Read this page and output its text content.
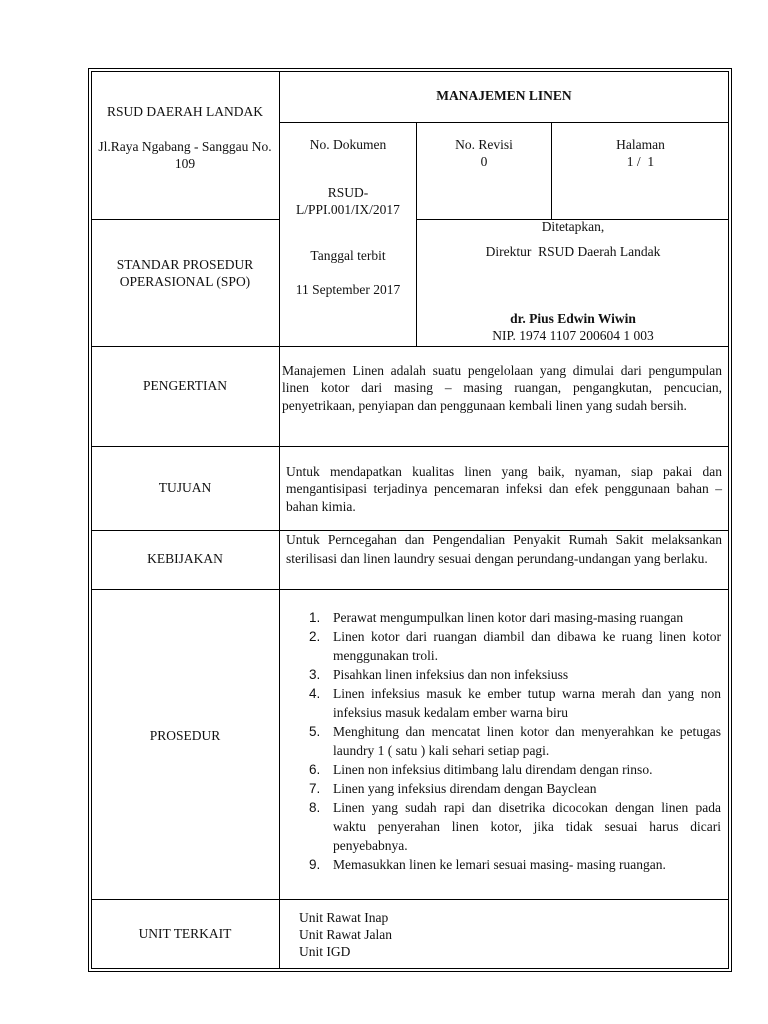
RSUD DAERAH LANDAK
Jl.Raya Ngabang - Sanggau No. 109
MANAJEMEN LINEN
No. Dokumen
RSUD-L/PPI.001/IX/2017
No. Revisi
0
Halaman
1 /  1
STANDAR PROSEDUR OPERASIONAL (SPO)
Tanggal terbit
11 September 2017
Ditetapkan,
Direktur  RSUD Daerah Landak
dr. Pius Edwin Wiwin
NIP. 1974 1107 200604 1 003
PENGERTIAN
Manajemen Linen adalah suatu pengelolaan yang dimulai dari pengumpulan linen kotor dari masing – masing ruangan, pengangkutan, pencucian, penyetrikaan, penyiapan dan penggunaan kembali linen yang sudah bersih.
TUJUAN
Untuk mendapatkan kualitas linen yang baik, nyaman, siap pakai dan mengantisipasi terjadinya pencemaran infeksi dan efek penggunaan bahan –bahan kimia.
KEBIJAKAN
Untuk Perncegahan dan Pengendalian Penyakit Rumah Sakit melaksankan sterilisasi dan linen laundry sesuai dengan perundang-undangan yang berlaku.
PROSEDUR
1. Perawat mengumpulkan linen kotor dari masing-masing ruangan
2. Linen kotor dari ruangan diambil dan dibawa ke ruang linen kotor menggunakan troli.
3. Pisahkan linen infeksius dan non infeksiuss
4. Linen infeksius masuk ke ember tutup warna merah dan yang non infeksius masuk kedalam ember warna biru
5. Menghitung dan mencatat linen kotor dan menyerahkan ke petugas laundry 1 ( satu ) kali sehari setiap pagi.
6. Linen non infeksius ditimbang lalu direndam dengan rinso.
7. Linen yang infeksius direndam dengan Bayclean
8. Linen yang sudah rapi dan disetrika dicocokan dengan linen pada waktu penyerahan linen kotor, jika tidak sesuai harus dicari penyebabnya.
9. Memasukkan linen ke lemari sesuai masing- masing ruangan.
UNIT TERKAIT
Unit Rawat Inap
Unit Rawat Jalan
Unit IGD
